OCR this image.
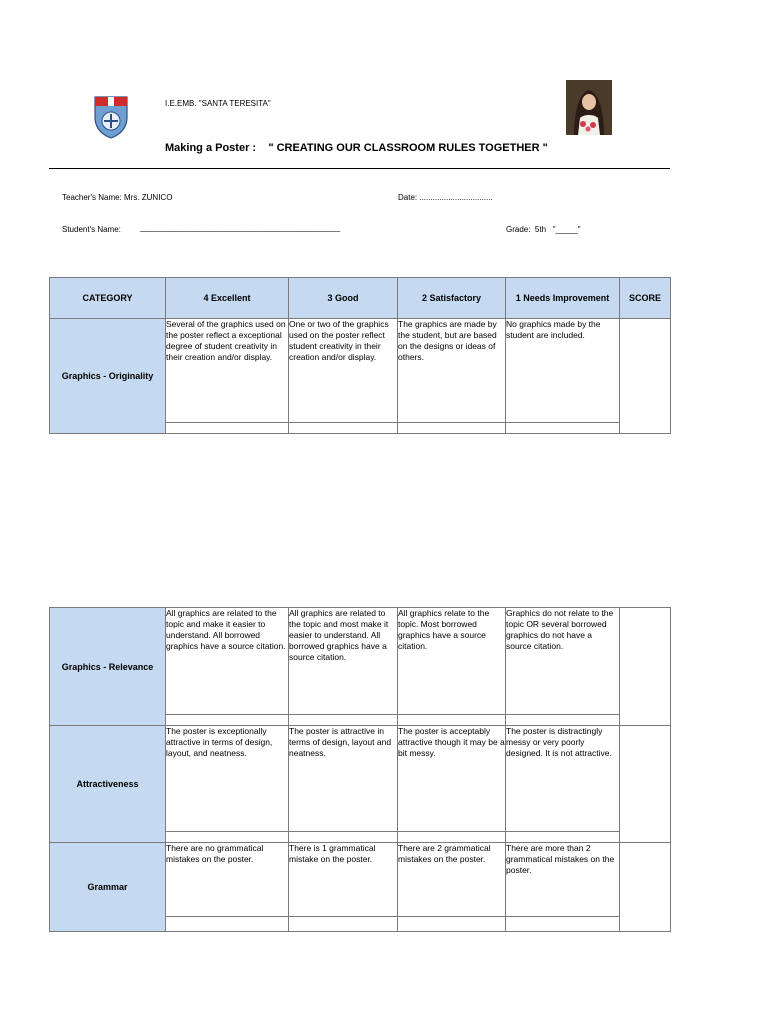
I.E.EMB. "SANTA TERESITA"
Making a Poster : " CREATING OUR CLASSROOM RULES TOGETHER "
Teacher's Name: Mrs. ZUNICO	Date: .................................
Student's Name: _____________________________________________	Grade:  5th   "_____"
CATEGORY	4 Excellent	3 Good	2 Satisfactory	1 Needs Improvement	SCORE
Graphics - Originality	Several of the graphics used on the poster reflect a exceptional degree of student creativity in their creation and/or display.	One or two of the graphics used on the poster reflect student creativity in their creation and/or display.	The graphics are made by the student, but are based on the designs or ideas of others.	No graphics made by the student are included.	

Graphics - Relevance	All graphics are related to the topic and make it easier to understand. All borrowed graphics have a source citation.	All graphics are related to the topic and most make it easier to understand. All borrowed graphics have a source citation.	All graphics relate to the topic. Most borrowed graphics have a source citation.	Graphics do not relate to the topic OR several borrowed graphics do not have a source citation.	

Attractiveness	The poster is exceptionally attractive in terms of design, layout, and neatness.	The poster is attractive in terms of design, layout and neatness.	The poster is acceptably attractive though it may be a bit messy.	The poster is distractingly messy or very poorly designed. It is not attractive.	

Grammar	There are no grammatical mistakes on the poster.	There is 1 grammatical mistake on the poster.	There are 2 grammatical mistakes on the poster.	There are more than 2 grammatical mistakes on the poster.	
